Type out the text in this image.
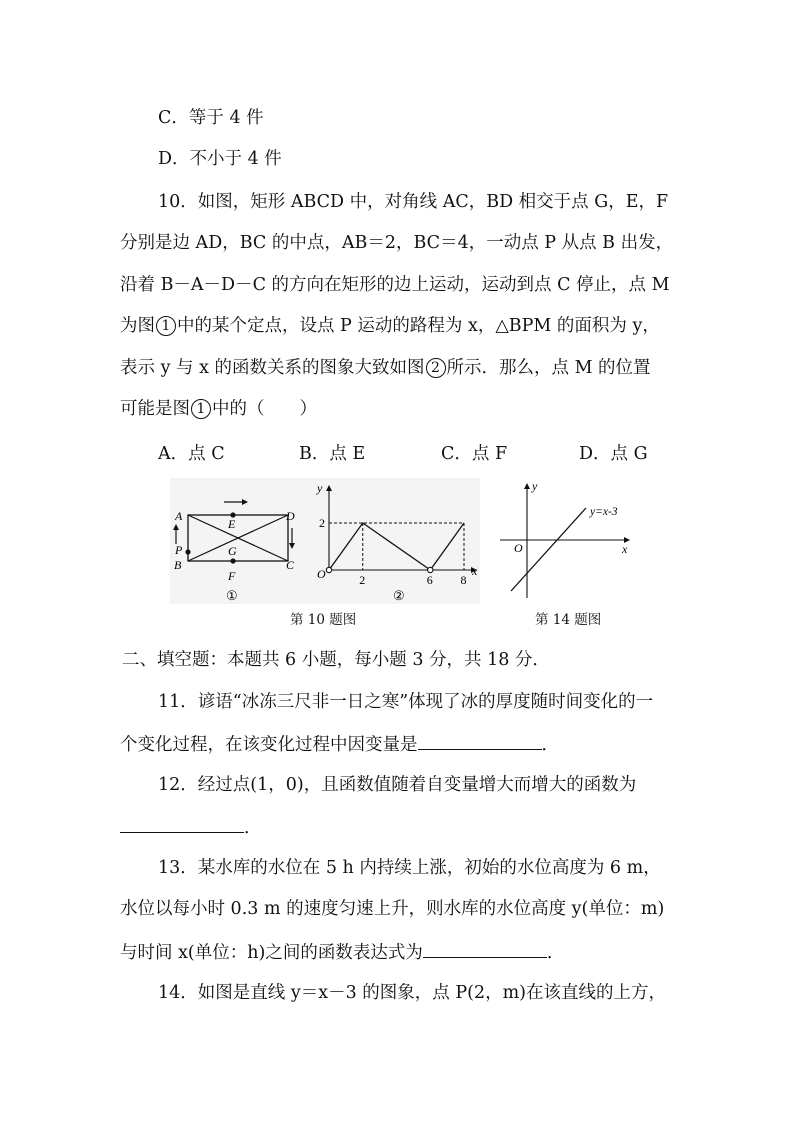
C．等于 4 件
D．不小于 4 件
10．如图，矩形 ABCD 中，对角线 AC，BD 相交于点 G，E，F
分别是边 AD，BC 的中点，AB＝2，BC＝4，一动点 P 从点 B 出发，
沿着 B－A－D－C 的方向在矩形的边上运动，运动到点 C 停止，点 M
为图 1 中的某个定点，设点 P 运动的路程为 x，△BPM 的面积为 y，
表示 y 与 x 的函数关系的图象大致如图 2 所示．那么，点 M 的位置
可能是图 1 中的（　　）
A．点 C	B．点 E	C．点 F	D．点 G
A
B
D
C
E
F
G
P
①
y
x
O
2
2	6 8
②
第 10 题图
y
x
O
y=x-3
第 14 题图
二、填空题：本题共 6 小题，每小题 3 分，共 18 分．
11．谚语“冰冻三尺非一日之寒”体现了冰的厚度随时间变化的一
个变化过程，在该变化过程中因变量是	．
12．经过点(1，0)，且函数值随着自变量增大而增大的函数为
．
13．某水库的水位在 5 h 内持续上涨，初始的水位高度为 6 m，
水位以每小时 0.3 m 的速度匀速上升，则水库的水位高度 y(单位：m)
与时间 x(单位：h)之间的函数表达式为	．
14．如图是直线 y＝x－3 的图象，点 P(2，m)在该直线的上方，
